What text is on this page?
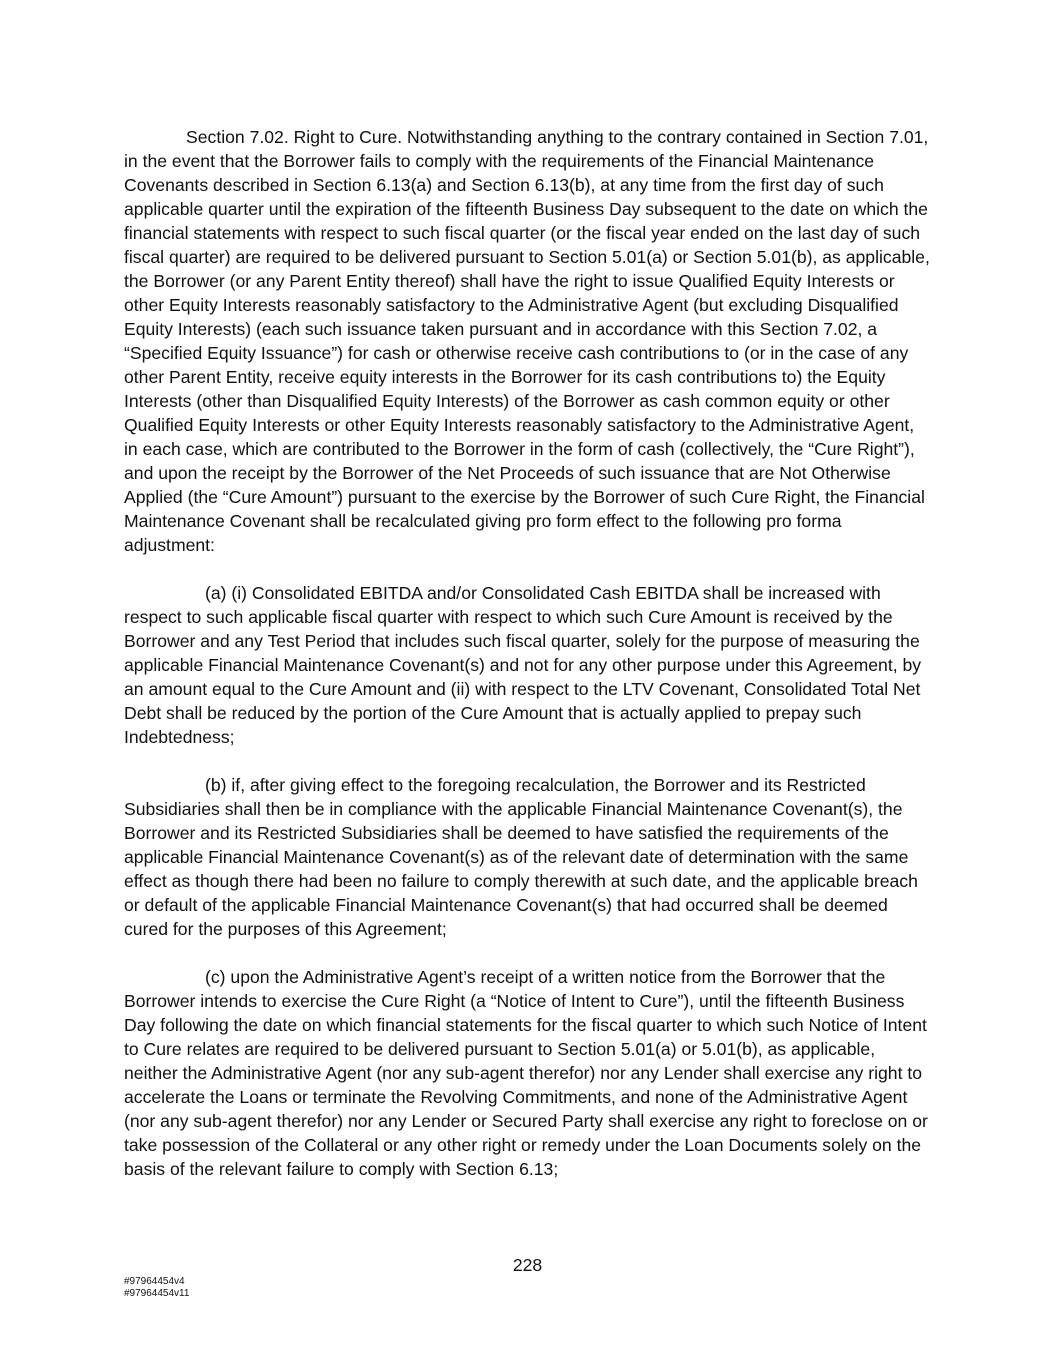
Section 7.02. Right to Cure. Notwithstanding anything to the contrary contained in Section 7.01, in the event that the Borrower fails to comply with the requirements of the Financial Maintenance Covenants described in Section 6.13(a) and Section 6.13(b), at any time from the first day of such applicable quarter until the expiration of the fifteenth Business Day subsequent to the date on which the financial statements with respect to such fiscal quarter (or the fiscal year ended on the last day of such fiscal quarter) are required to be delivered pursuant to Section 5.01(a) or Section 5.01(b), as applicable, the Borrower (or any Parent Entity thereof) shall have the right to issue Qualified Equity Interests or other Equity Interests reasonably satisfactory to the Administrative Agent (but excluding Disqualified Equity Interests) (each such issuance taken pursuant and in accordance with this Section 7.02, a “Specified Equity Issuance”) for cash or otherwise receive cash contributions to (or in the case of any other Parent Entity, receive equity interests in the Borrower for its cash contributions to) the Equity Interests (other than Disqualified Equity Interests) of the Borrower as cash common equity or other Qualified Equity Interests or other Equity Interests reasonably satisfactory to the Administrative Agent, in each case, which are contributed to the Borrower in the form of cash (collectively, the “Cure Right”), and upon the receipt by the Borrower of the Net Proceeds of such issuance that are Not Otherwise Applied (the “Cure Amount”) pursuant to the exercise by the Borrower of such Cure Right, the Financial Maintenance Covenant shall be recalculated giving pro form effect to the following pro forma adjustment:

(a) (i) Consolidated EBITDA and/or Consolidated Cash EBITDA shall be increased with respect to such applicable fiscal quarter with respect to which such Cure Amount is received by the Borrower and any Test Period that includes such fiscal quarter, solely for the purpose of measuring the applicable Financial Maintenance Covenant(s) and not for any other purpose under this Agreement, by an amount equal to the Cure Amount and (ii) with respect to the LTV Covenant, Consolidated Total Net Debt shall be reduced by the portion of the Cure Amount that is actually applied to prepay such Indebtedness;

(b) if, after giving effect to the foregoing recalculation, the Borrower and its Restricted Subsidiaries shall then be in compliance with the applicable Financial Maintenance Covenant(s), the Borrower and its Restricted Subsidiaries shall be deemed to have satisfied the requirements of the applicable Financial Maintenance Covenant(s) as of the relevant date of determination with the same effect as though there had been no failure to comply therewith at such date, and the applicable breach or default of the applicable Financial Maintenance Covenant(s) that had occurred shall be deemed cured for the purposes of this Agreement;

(c) upon the Administrative Agent’s receipt of a written notice from the Borrower that the Borrower intends to exercise the Cure Right (a “Notice of Intent to Cure”), until the fifteenth Business Day following the date on which financial statements for the fiscal quarter to which such Notice of Intent to Cure relates are required to be delivered pursuant to Section 5.01(a) or 5.01(b), as applicable, neither the Administrative Agent (nor any sub-agent therefor) nor any Lender shall exercise any right to accelerate the Loans or terminate the Revolving Commitments, and none of the Administrative Agent (nor any sub-agent therefor) nor any Lender or Secured Party shall exercise any right to foreclose on or take possession of the Collateral or any other right or remedy under the Loan Documents solely on the basis of the relevant failure to comply with Section 6.13;

228
#97964454v4
#97964454v11
